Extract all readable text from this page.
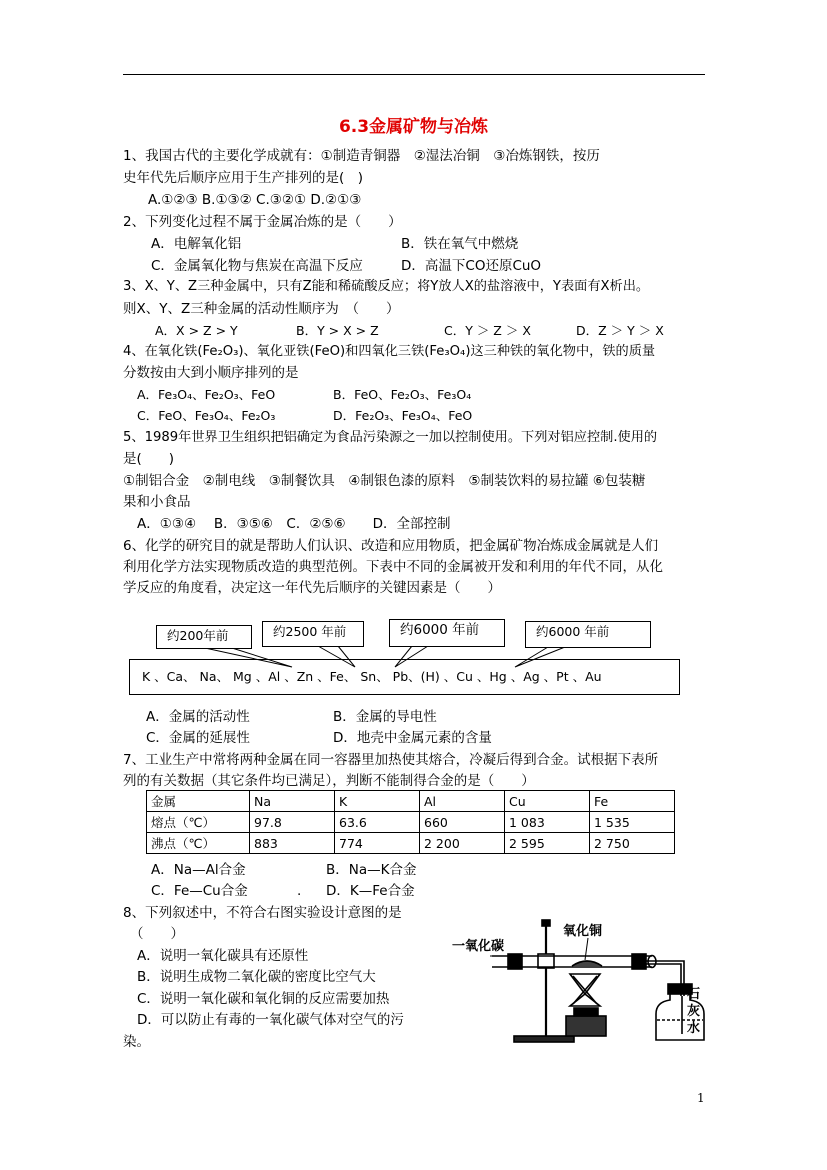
6.3金属矿物与冶炼
1、我国古代的主要化学成就有：①制造青铜器　②湿法冶铜　③冶炼钢铁，按历
史年代先后顺序应用于生产排列的是(　)
A.①②③ B.①③② C.③②① D.②①③
2、下列变化过程不属于金属冶炼的是（　　）
A．电解氧化铝	B．铁在氧气中燃烧
C．金属氧化物与焦炭在高温下反应	D．高温下CO还原CuO
3、X、Y、Z三种金属中，只有Z能和稀硫酸反应；将Y放人X的盐溶液中，Y表面有X析出。
则X、Y、Z三种金属的活动性顺序为　（　　）
A．X > Z > Y	B．Y > X > Z	C．Y ＞ Z ＞ X	D．Z ＞ Y ＞ X
4、在氧化铁(Fe₂O₃)、氧化亚铁(FeO)和四氧化三铁(Fe₃O₄)这三种铁的氧化物中，铁的质量
分数按由大到小顺序排列的是
A．Fe₃O₄、Fe₂O₃、FeO	B．FeO、Fe₂O₃、Fe₃O₄
C．FeO、Fe₃O₄、Fe₂O₃	D．Fe₂O₃、Fe₃O₄、FeO
5、1989年世界卫生组织把铝确定为食品污染源之一加以控制使用。下列对铝应控制.使用的
是(　　)
①制铝合金　②制电线　③制餐饮具　④制银色漆的原料　⑤制装饮料的易拉罐 ⑥包装糖
果和小食品
A．①③④　 B．③⑤⑥　C．②⑤⑥　　D．全部控制
6、化学的研究目的就是帮助人们认识、改造和应用物质，把金属矿物冶炼成金属就是人们
利用化学方法实现物质改造的典型范例。下表中不同的金属被开发和利用的年代不同，从化
学反应的角度看，决定这一年代先后顺序的关键因素是（　　）
约200年前	约2500 年前	约6000 年前	约6000 年前
K 、Ca、 Na、 Mg 、Al 、Zn 、Fe、 Sn、 Pb、(H) 、Cu 、Hg 、Ag 、Pt 、Au
A．金属的活动性	B．金属的导电性
C．金属的延展性	D．地壳中金属元素的含量
7、工业生产中常将两种金属在同一容器里加热使其熔合，冷凝后得到合金。试根据下表所
列的有关数据（其它条件均已满足），判断不能制得合金的是（　　）
金属	Na	K	Al	Cu	Fe
熔点（℃）	97.8	63.6	660	1 083	1 535
沸点（℃）	883	774	2 200	2 595	2 750
A．Na—Al合金	B．Na—K合金
C．Fe—Cu合金	. D．K—Fe合金
8、下列叙述中，不符合右图实验设计意图的是
（　　）
A．说明一氧化碳具有还原性
B．说明生成物二氧化碳的密度比空气大
C．说明一氧化碳和氧化铜的反应需要加热
D．可以防止有毒的一氧化碳气体对空气的污
染。
一氧化碳
氧化铜
石
灰
水
1
